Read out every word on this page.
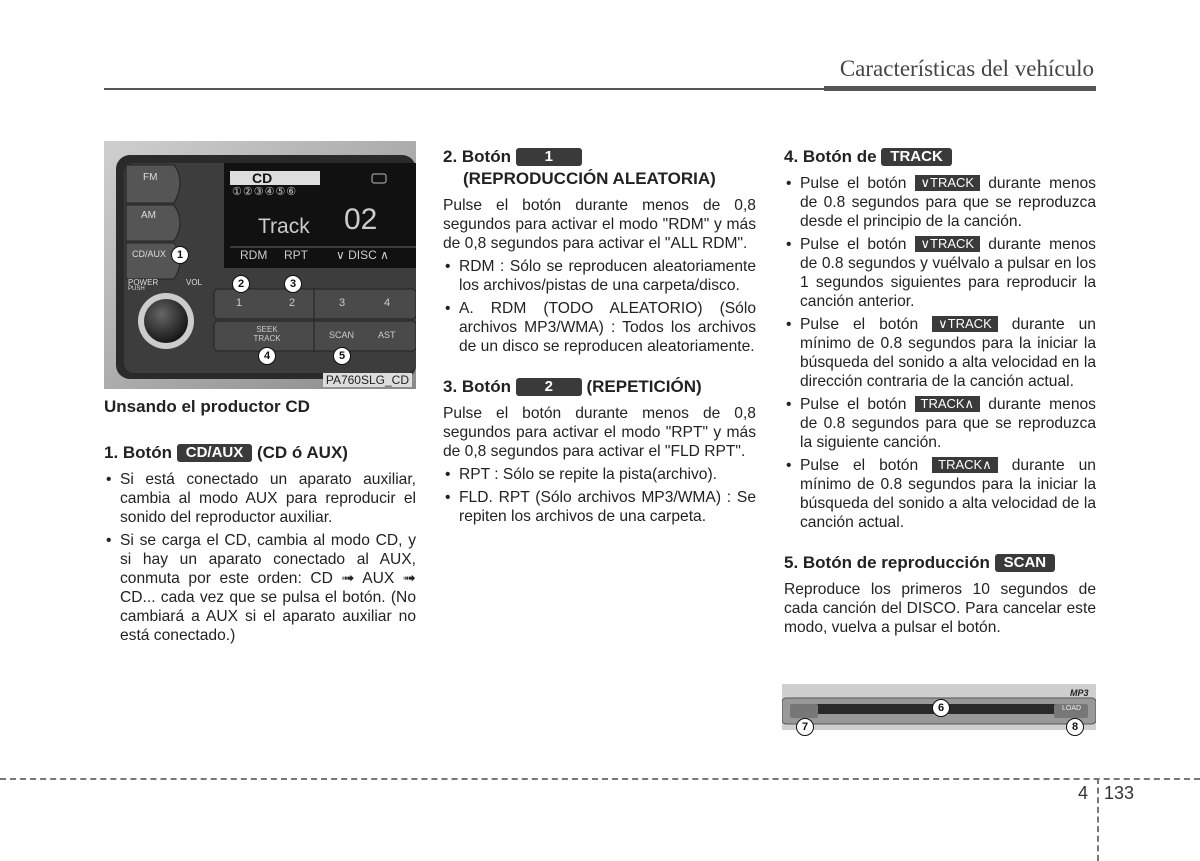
Características del vehículo
FM
AM
CD/AUX
CD
①②③④⑤⑥
Track 02
RDM RPT ∨ DISC ∧
POWER
PUSH
VOL
1	2	3	4
SEEK TRACK	SCAN	AST
1
2	3
4	5
PA760SLG_CD
Unsando el productor CD
1. Botón CD/AUX (CD ó AUX)
• Si está conectado un aparato auxiliar, cambia al modo AUX para reproducir el sonido del reproductor auxiliar.
• Si se carga el CD, cambia al modo CD, y si hay un aparato conectado al AUX, conmuta por este orden: CD ➟ AUX ➟ CD... cada vez que se pulsa el botón. (No cambiará a AUX si el aparato auxiliar no está conectado.)
2. Botón 1
(REPRODUCCIÓN ALEATORIA)
Pulse el botón durante menos de 0,8 segundos para activar el modo "RDM" y más de 0,8 segundos para activar el "ALL RDM".
• RDM : Sólo se reproducen aleatoriamente los archivos/pistas de una carpeta/disco.
• A. RDM (TODO ALEATORIO) (Sólo archivos MP3/WMA) : Todos los archivos de un disco se reproducen aleatoriamente.
3. Botón 2 (REPETICIÓN)
Pulse el botón durante menos de 0,8 segundos para activar el modo "RPT" y más de 0,8 segundos para activar el "FLD RPT".
• RPT : Sólo se repite la pista(archivo).
• FLD. RPT (Sólo archivos MP3/WMA) : Se repiten los archivos de una carpeta.
4. Botón de TRACK
• Pulse el botón ∨TRACK durante menos de 0.8 segundos para que se reproduzca desde el principio de la canción.
• Pulse el botón ∨TRACK durante menos de 0.8 segundos y vuélvalo a pulsar en los 1 segundos siguientes para reproducir la canción anterior.
• Pulse el botón ∨TRACK durante un mínimo de 0.8 segundos para la iniciar la búsqueda del sonido a alta velocidad en la dirección contraria de la canción actual.
• Pulse el botón TRACK∧ durante menos de 0.8 segundos para que se reproduzca la siguiente canción.
• Pulse el botón TRACK∧ durante un mínimo de 0.8 segundos para la iniciar la búsqueda del sonido a alta velocidad de la canción actual.
5. Botón de reproducción SCAN
Reproduce los primeros 10 segundos de cada canción del DISCO. Para cancelar este modo, vuelva a pulsar el botón.
MP3
LOAD
6
7	8
4 133
